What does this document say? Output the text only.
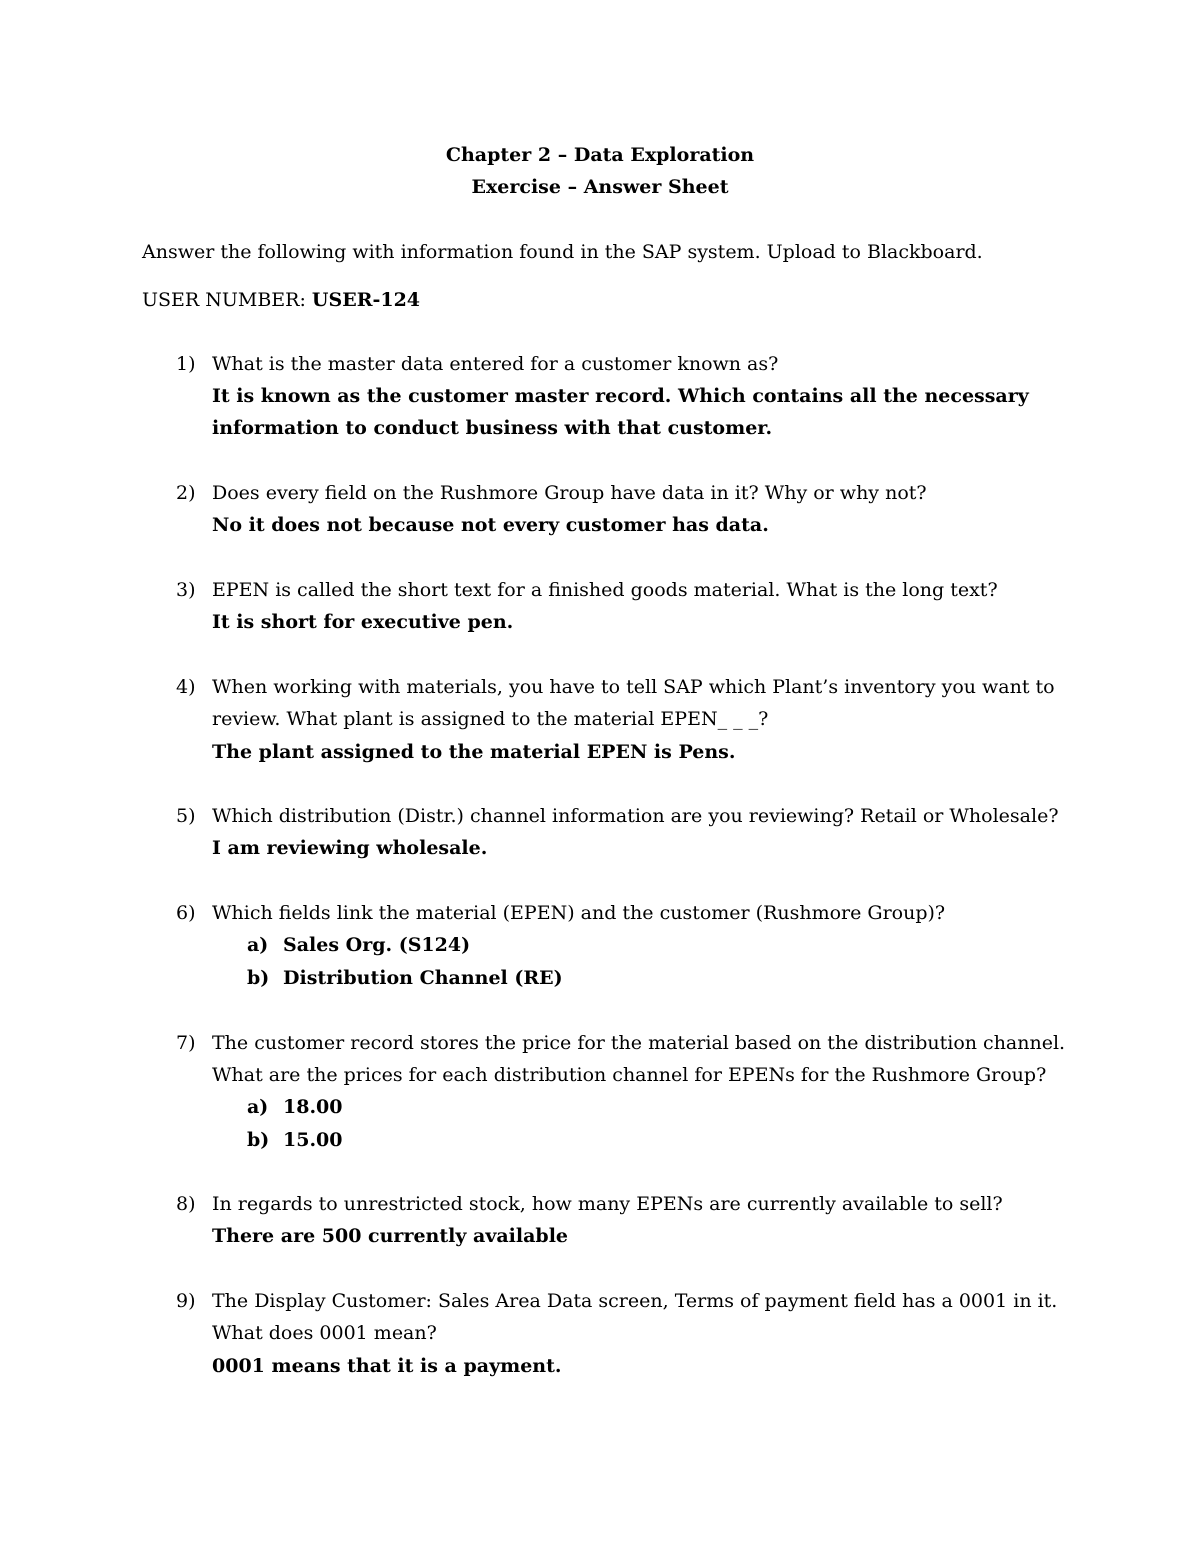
Chapter 2 – Data Exploration
Exercise – Answer Sheet
Answer the following with information found in the SAP system. Upload to Blackboard.
USER NUMBER: USER-124
1) What is the master data entered for a customer known as?
It is known as the customer master record. Which contains all the necessary
information to conduct business with that customer.
2) Does every field on the Rushmore Group have data in it? Why or why not?
No it does not because not every customer has data.
3) EPEN is called the short text for a finished goods material. What is the long text?
It is short for executive pen.
4) When working with materials, you have to tell SAP which Plant’s inventory you want to
review. What plant is assigned to the material EPEN_ _ _?
The plant assigned to the material EPEN is Pens.
5) Which distribution (Distr.) channel information are you reviewing? Retail or Wholesale?
I am reviewing wholesale.
6) Which fields link the material (EPEN) and the customer (Rushmore Group)?
a) Sales Org. (S124)
b) Distribution Channel (RE)
7) The customer record stores the price for the material based on the distribution channel.
What are the prices for each distribution channel for EPENs for the Rushmore Group?
a) 18.00
b) 15.00
8) In regards to unrestricted stock, how many EPENs are currently available to sell?
There are 500 currently available
9) The Display Customer: Sales Area Data screen, Terms of payment field has a 0001 in it.
What does 0001 mean?
0001 means that it is a payment.
